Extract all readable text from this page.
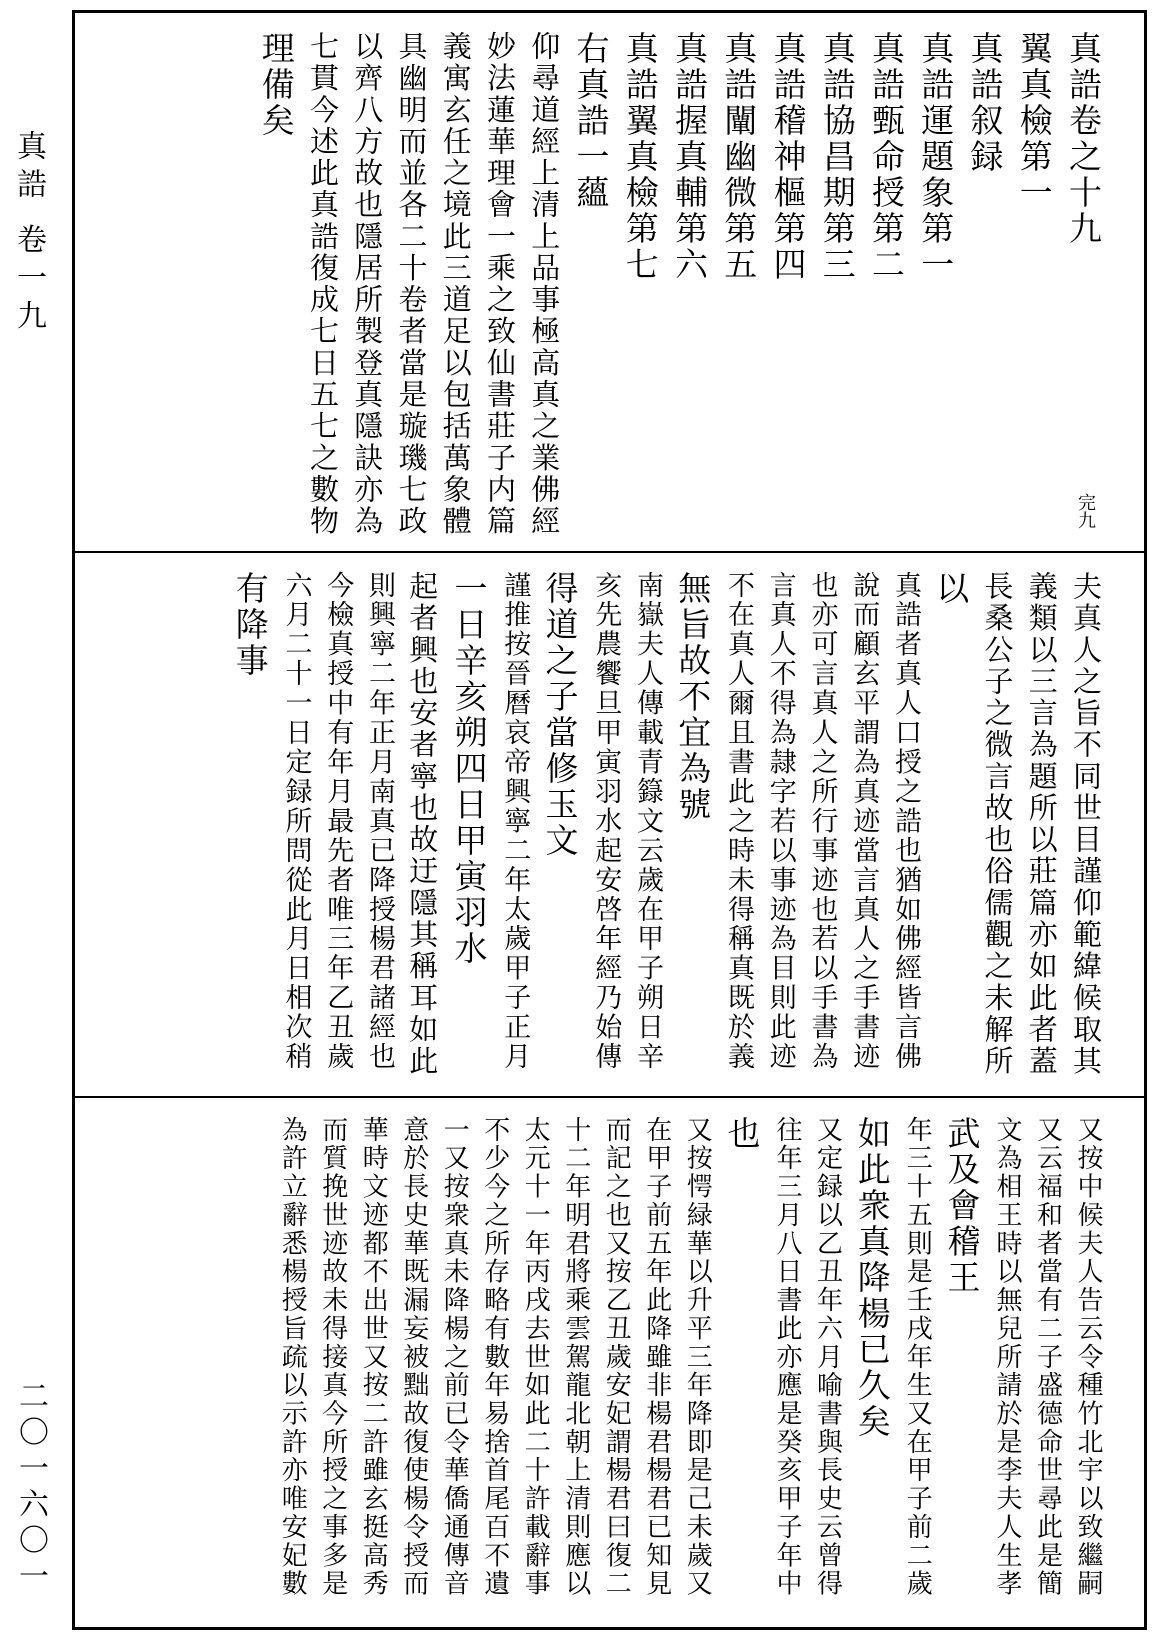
真誥 卷一九
二〇一六〇一
真誥卷之十九
翼真檢第一
真誥叙録
真誥運題象第一
真誥甄命授第二
真誥協昌期第三
真誥稽神樞第四
真誥闡幽微第五
真誥握真輔第六
真誥翼真檢第七
右真誥一蘊
仰尋道經上清上品事極高真之業佛經
妙法蓮華理會一乘之致仙書莊子内篇
義寓玄任之境此三道足以包括萬象體
具幽明而並各二十卷者當是璇璣七政
以齊八方故也隱居所製登真隱訣亦為
七貫今述此真誥復成七日五七之數物
理備矣
完九
夫真人之旨不同世目謹仰範緯候取其
義類以三言為題所以莊篇亦如此者蓋
長桑公子之微言故也俗儒觀之未解所
以
真誥者真人口授之誥也猶如佛經皆言佛
說而顧玄平謂為真迹當言真人之手書迹
也亦可言真人之所行事迹也若以手書為
言真人不得為隷字若以事迹為目則此迹
不在真人爾且書此之時未得稱真既於義
無旨故不宜為號
南嶽夫人傳載青籙文云歲在甲子朔日辛
亥先農饗旦甲寅羽水起安啓年經乃始傳
得道之子當修玉文
謹推按晉曆哀帝興寧二年太歲甲子正月
一日辛亥朔四日甲寅羽水
起者興也安者寧也故迂隱其稱耳如此
則興寧二年正月南真已降授楊君諸經也
今檢真授中有年月最先者唯三年乙丑歲
六月二十一日定録所問從此月日相次稍
有降事
又按中候夫人告云令種竹北宇以致繼嗣
又云福和者當有二子盛德命世尋此是簡
文為相王時以無兒所請於是李夫人生孝
武及會稽王
年三十五則是壬戌年生又在甲子前二歲
如此衆真降楊已久矣
又定録以乙丑年六月喻書與長史云曾得
往年三月八日書此亦應是癸亥甲子年中
也
又按愕緑華以升平三年降即是己未歲又
在甲子前五年此降雖非楊君楊君已知見
而記之也又按乙丑歲安妃謂楊君曰復二
十二年明君將乘雲駕龍北朝上清則應以
太元十一年丙戌去世如此二十許載辭事
不少今之所存略有數年易捨首尾百不遺
一又按衆真未降楊之前已令華僑通傳音
意於長史華既漏妄被黜故復使楊令授而
華時文迹都不出世又按二許雖玄挺高秀
而質挽世迹故未得接真今所授之事多是
為許立辭悉楊授旨疏以示許亦唯安妃數
